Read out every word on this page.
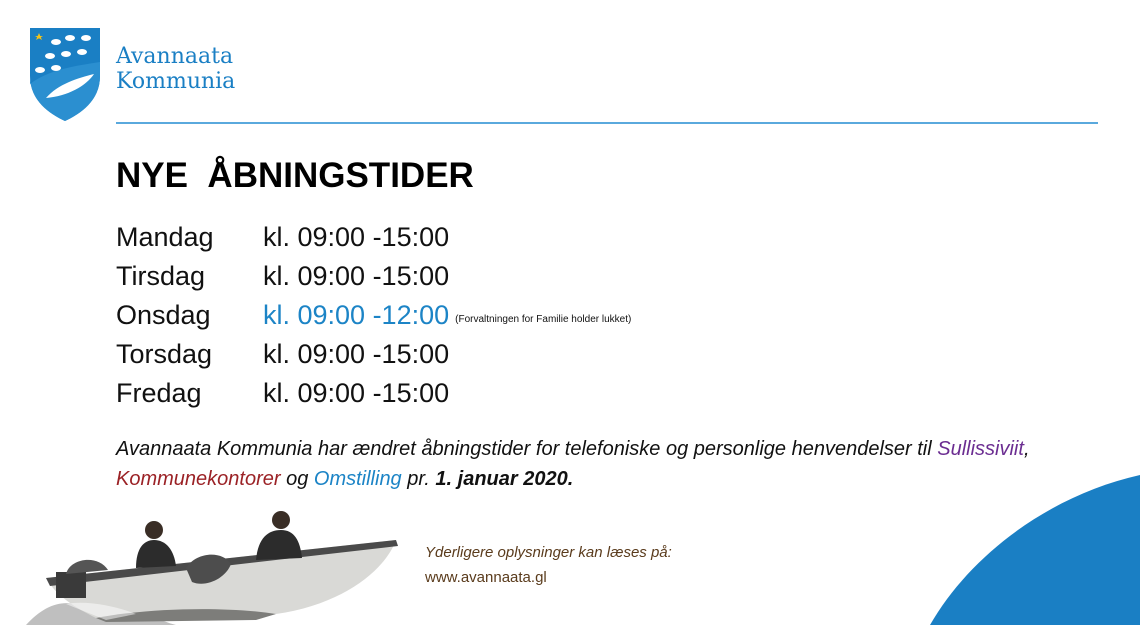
Avannaata
Kommunia
NYE  ÅBNINGSTIDER
Mandag kl. 09:00 -15:00
Tirsdag kl. 09:00 -15:00
Onsdag kl. 09:00 -12:00 (Forvaltningen for Familie holder lukket)
Torsdag kl. 09:00 -15:00
Fredag kl. 09:00 -15:00

Avannaata Kommunia har ændret åbningstider for telefoniske og personlige henvendelser til Sullissiviit, Kommunekontorer og Omstilling pr. 1. januar 2020.

Yderligere oplysninger kan læses på:
www.avannaata.gl
